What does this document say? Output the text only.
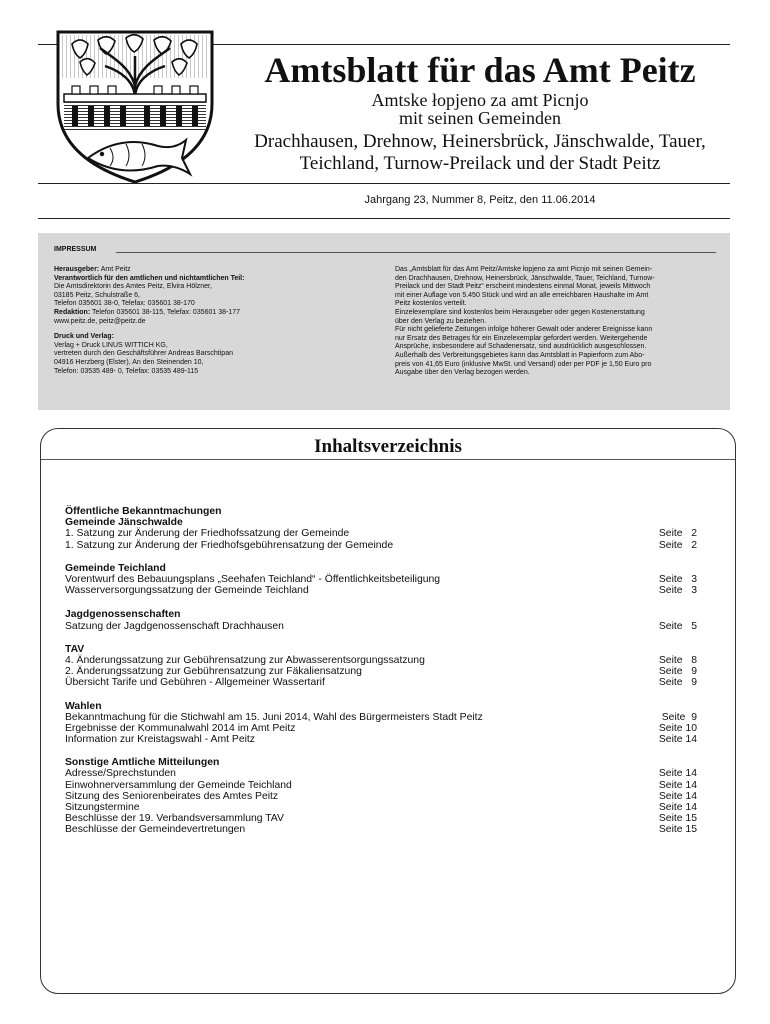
Amtsblatt für das Amt Peitz
Amtske łopjeno za amt Picnjo
mit seinen Gemeinden
Drachhausen, Drehnow, Heinersbrück, Jänschwalde, Tauer,
Teichland, Turnow-Preilack und der Stadt Peitz
Jahrgang 23, Nummer 8, Peitz, den 11.06.2014
IMPRESSUM

Herausgeber: Amt Peitz

Verantwortlich für den amtlichen und nichtamtlichen Teil:

Die Amtsdirektorin des Amtes Peitz, Elvira Hölzner,

03185 Peitz, Schulstraße 6,

Telefon 035601 38-0, Telefax: 035601 38-170

Redaktion: Telefon 035601 38-115, Telefax: 035601 38-177

www.peitz.de, peitz@peitz.de

Druck und Verlag:

Verlag + Druck LINUS WITTICH KG,

vertreten durch den Geschäftsführer Andreas Barschtipan

04916 Herzberg (Elster), An den Steinenden 10,

Telefon: 03535 489- 0, Telefax: 03535 489-115

Das „Amtsblatt für das Amt Peitz/Amtske łopjeno za amt Picnjo mit seinen Gemein-

den Drachhausen, Drehnow, Heinersbrück, Jänschwalde, Tauer, Teichland, Turnow-

Preilack und der Stadt Peitz“ erscheint mindestens einmal Monat, jeweils Mittwoch

mit einer Auflage von 5.450 Stück und wird an alle erreichbaren Haushalte im Amt

Peitz kostenlos verteilt.

Einzelexemplare sind kostenlos beim Herausgeber oder gegen Kostenerstattung

über den Verlag zu beziehen.

Für nicht gelieferte Zeitungen infolge höherer Gewalt oder anderer Ereignisse kann

nur Ersatz des Betrages für ein Einzelexemplar gefordert werden. Weitergehende

Ansprüche, insbesondere auf Schadenersatz, sind ausdrücklich ausgeschlossen.

Außerhalb des Verbreitungsgebietes kann das Amtsblatt in Papierform zum Abo-

preis von 41,65 Euro (inklusive MwSt. und Versand) oder per PDF je 1,50 Euro pro

Ausgabe über den Verlag bezogen werden.

Inhaltsverzeichnis
Öffentliche Bekanntmachungen
Gemeinde Jänschwalde
1. Satzung zur Änderung der Friedhofssatzung der Gemeinde	Seite   2
1. Satzung zur Änderung der Friedhofsgebührensatzung der Gemeinde	Seite   2
Gemeinde Teichland
Vorentwurf des Bebauungsplans „Seehafen Teichland“ - Öffentlichkeitsbeteiligung	Seite   3
Wasserversorgungssatzung der Gemeinde Teichland	Seite   3
Jagdgenossenschaften
Satzung der Jagdgenossenschaft Drachhausen	Seite   5
TAV
4. Änderungssatzung zur Gebührensatzung zur Abwasserentsorgungssatzung	Seite   8
2. Änderungssatzung zur Gebührensatzung zur Fäkaliensatzung	Seite   9
Übersicht Tarife und Gebühren - Allgemeiner Wassertarif	Seite   9
Wahlen
Bekanntmachung für die Stichwahl am 15. Juni 2014, Wahl des Bürgermeisters Stadt Peitz	Seite  9
Ergebnisse der Kommunalwahl 2014 im Amt Peitz	Seite 10
Information zur Kreistagswahl - Amt Peitz	Seite 14
Sonstige Amtliche Mitteilungen
Adresse/Sprechstunden	Seite 14
Einwohnerversammlung der Gemeinde Teichland	Seite 14
Sitzung des Seniorenbeirates des Amtes Peitz	Seite 14
Sitzungstermine	Seite 14
Beschlüsse der 19. Verbandsversammlung TAV	Seite 15
Beschlüsse der Gemeindevertretungen	Seite 15
